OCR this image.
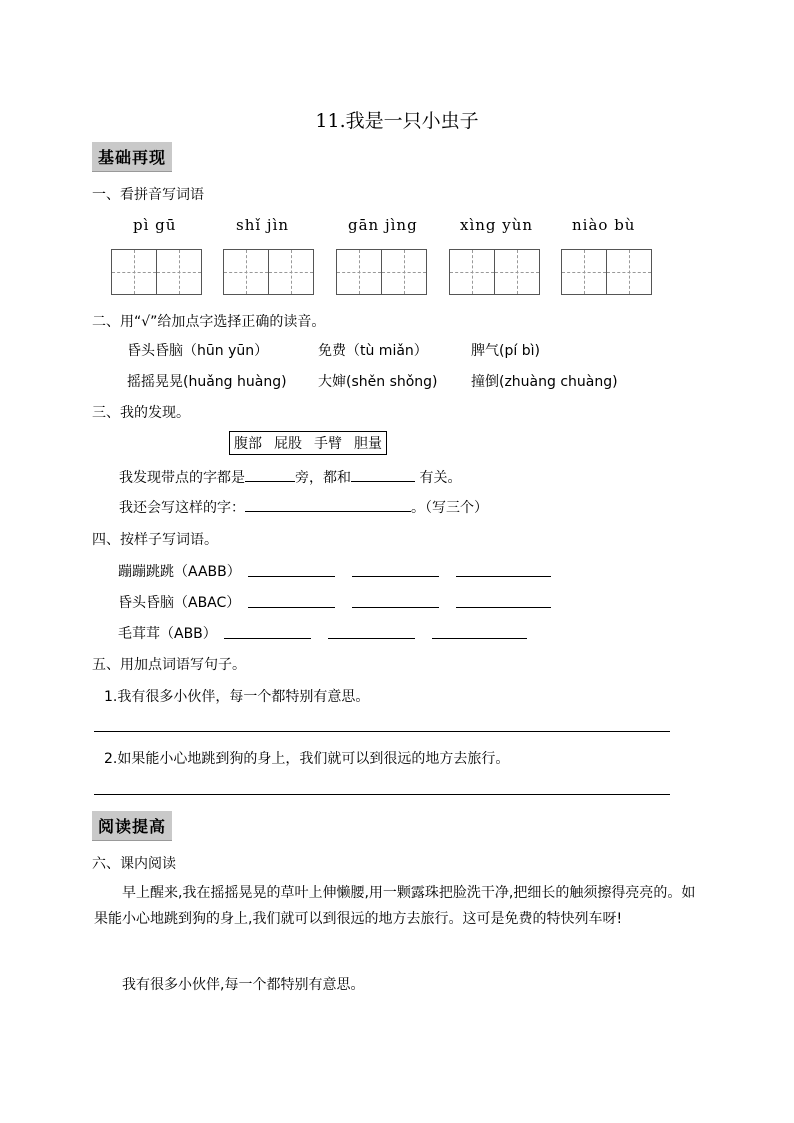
11.我是一只小虫子
基础再现
一、看拼音写词语
pì gū	shǐ jìn	gān jìng	xìng yùn	niào bù
二、用“√”给加点字选择正确的读音。
昏头昏脑（hūn yūn）	免费（tù miǎn）	脾气(pí bì)
摇摇晃晃(huǎng huàng) 大婶(shěn shǒng) 撞倒(zhuàng chuàng)
三、我的发现。
腹部 屁股 手臂 胆量
我发现带点的字都是	旁，都和	有关。
我还会写这样的字：	。（写三个）
四、按样子写词语。
蹦蹦跳跳（AABB）
昏头昏脑（ABAC）
毛茸茸（ABB）
五、用加点词语写句子。
1.我有很多小伙伴，每一个都特别有意思。
2.如果能小心地跳到狗的身上，我们就可以到很远的地方去旅行。
阅读提高
六、课内阅读
早上醒来,我在摇摇晃晃的草叶上伸懒腰,用一颗露珠把脸洗干净,把细长的触须擦得亮亮的。如果能小心地跳到狗的身上,我们就可以到很远的地方去旅行。这可是免费的特快列车呀!
我有很多小伙伴,每一个都特别有意思。
